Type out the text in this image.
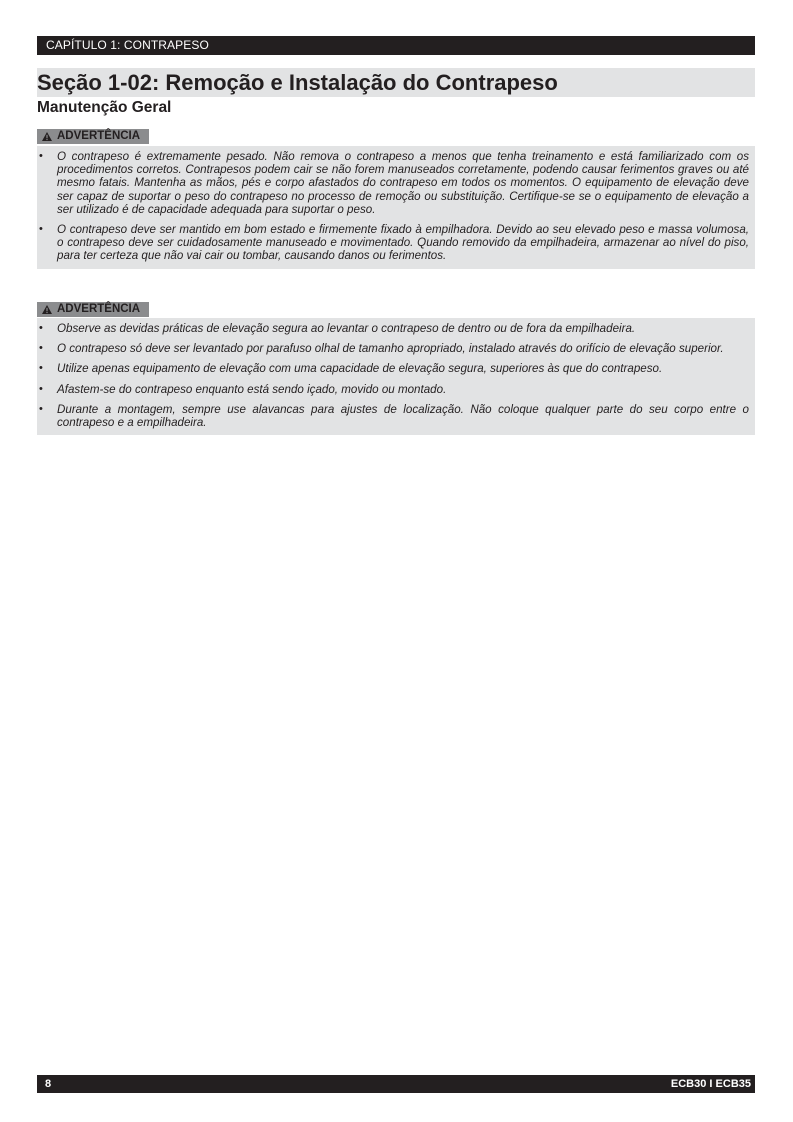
CAPÍTULO 1: CONTRAPESO
Seção 1-02: Remoção e Instalação do Contrapeso
Manutenção Geral
ADVERTÊNCIA
• O contrapeso é extremamente pesado. Não remova o contrapeso a menos que tenha treinamento e está familiarizado com os procedimentos corretos. Contrapesos podem cair se não forem manuseados corretamente, podendo causar ferimentos graves ou até mesmo fatais. Mantenha as mãos, pés e corpo afastados do contrapeso em todos os momentos. O equipamento de elevação deve ser capaz de suportar o peso do contrapeso no processo de remoção ou substituição. Certifique-se se o equipamento de elevação a ser utilizado é de capacidade adequada para suportar o peso.
• O contrapeso deve ser mantido em bom estado e firmemente fixado à empilhadora. Devido ao seu elevado peso e massa volumosa, o contrapeso deve ser cuidadosamente manuseado e movimentado. Quando removido da empilhadeira, armazenar ao nível do piso, para ter certeza que não vai cair ou tombar, causando danos ou ferimentos.
ADVERTÊNCIA
• Observe as devidas práticas de elevação segura ao levantar o contrapeso de dentro ou de fora da empilhadeira.
• O contrapeso só deve ser levantado por parafuso olhal de tamanho apropriado, instalado através do orifício de elevação superior.
• Utilize apenas equipamento de elevação com uma capacidade de elevação segura, superiores às que do contrapeso.
• Afastem-se do contrapeso enquanto está sendo içado, movido ou montado.
• Durante a montagem, sempre use alavancas para ajustes de localização. Não coloque qualquer parte do seu corpo entre o contrapeso e a empilhadeira.
8	ECB30 I ECB35
